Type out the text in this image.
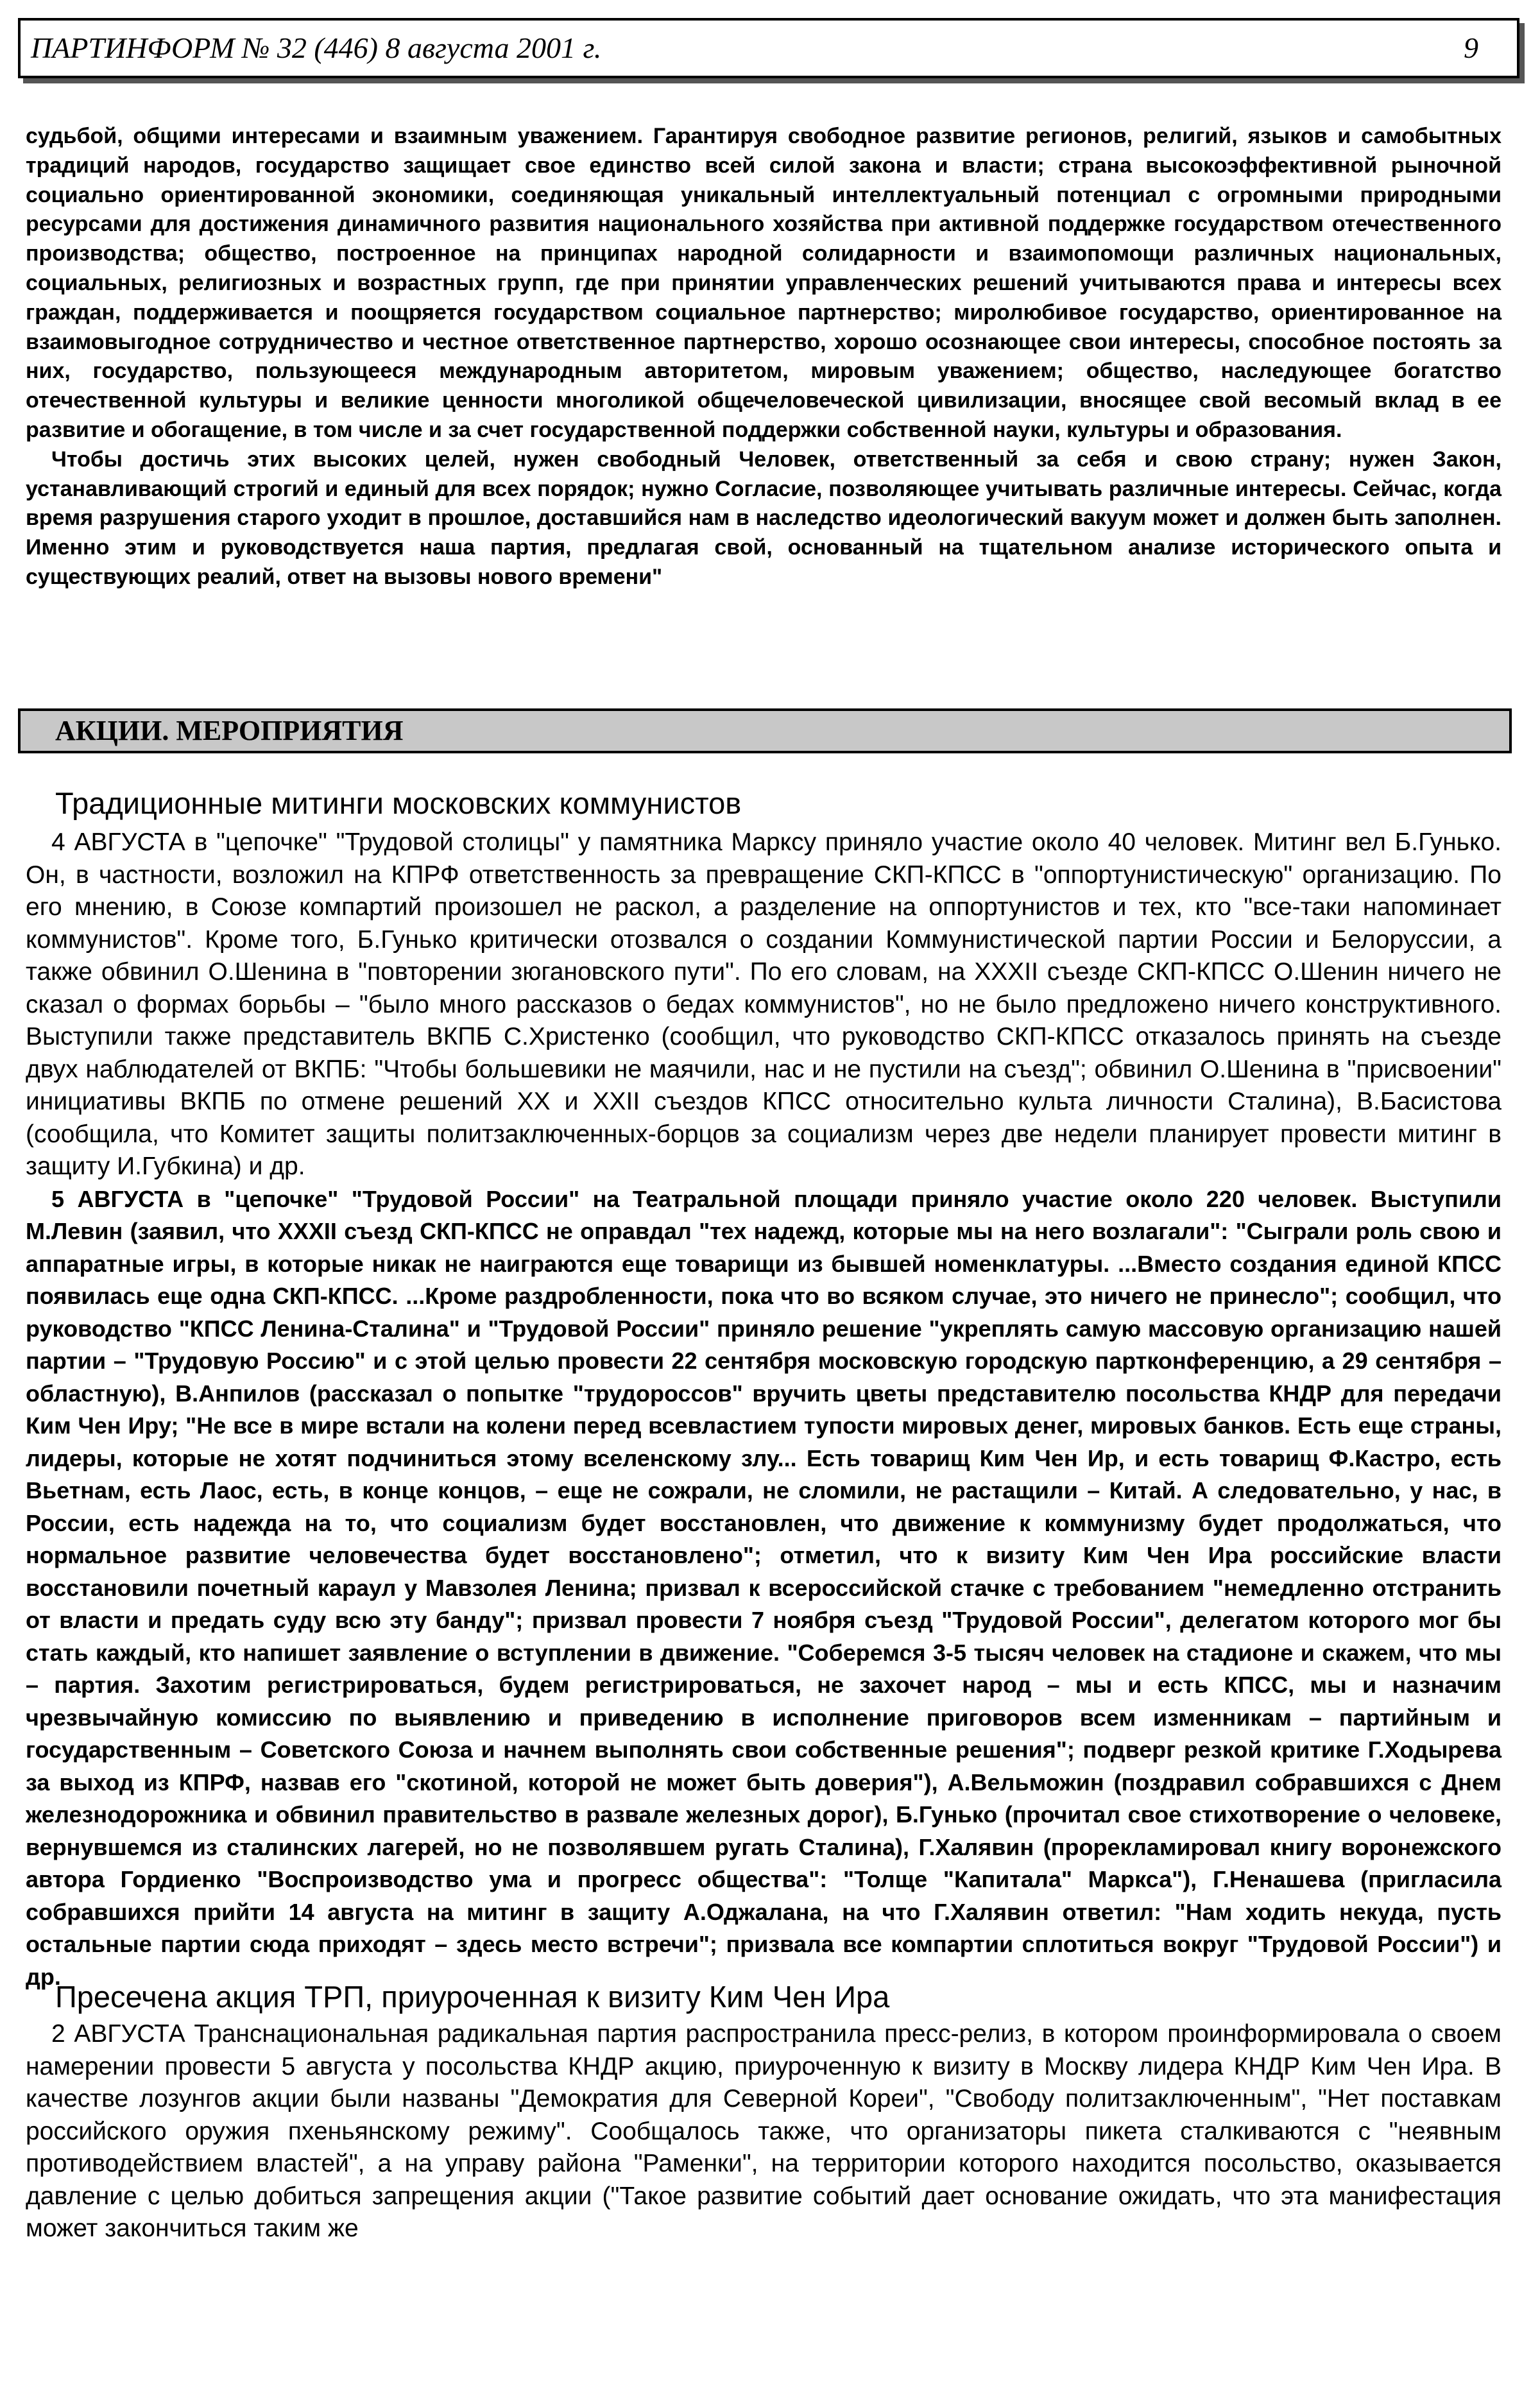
ПАРТИНФОРМ № 32 (446) 8 августа 2001 г.	9

судьбой, общими интересами и взаимным уважением. Гарантируя свободное развитие регионов, религий, языков и самобытных традиций народов, государство защищает свое единство всей силой закона и власти; страна высокоэффективной рыночной социально ориентированной экономики, соединяющая уникальный интеллектуальный потенциал с огромными природными ресурсами для достижения динамичного развития национального хозяйства при активной поддержке государством отечественного производства; общество, построенное на принципах народной солидарности и взаимопомощи различных национальных, социальных, религиозных и возрастных групп, где при принятии управленческих решений учитываются права и интересы всех граждан, поддерживается и поощряется государством социальное партнерство; миролюбивое государство, ориентированное на взаимовыгодное сотрудничество и честное ответственное партнерство, хорошо осознающее свои интересы, способное постоять за них, государство, пользующееся международным авторитетом, мировым уважением; общество, наследующее богатство отечественной культуры и великие ценности многоликой общечеловеческой цивилизации, вносящее свой весомый вклад в ее развитие и обогащение, в том числе и за счет государственной поддержки собственной науки, культуры и образования.

Чтобы достичь этих высоких целей, нужен свободный Человек, ответственный за себя и свою страну; нужен Закон, устанавливающий строгий и единый для всех порядок; нужно Согласие, позволяющее учитывать различные интересы. Сейчас, когда время разрушения старого уходит в прошлое, доставшийся нам в наследство идеологический вакуум может и должен быть заполнен. Именно этим и руководствуется наша партия, предлагая свой, основанный на тщательном анализе исторического опыта и существующих реалий, ответ на вызовы нового времени"

АКЦИИ. МЕРОПРИЯТИЯ
Традиционные митинги московских коммунистов

4 АВГУСТА в "цепочке" "Трудовой столицы" у памятника Марксу приняло участие около 40 человек. Митинг вел Б.Гунько. Он, в частности, возложил на КПРФ ответственность за превращение СКП-КПСС в "оппортунистическую" организацию. По его мнению, в Союзе компартий произошел не раскол, а разделение на оппортунистов и тех, кто "все-таки напоминает коммунистов". Кроме того, Б.Гунько критически отозвался о создании Коммунистической партии России и Белоруссии, а также обвинил О.Шенина в "повторении зюгановского пути". По его словам, на XXXII съезде СКП-КПСС О.Шенин ничего не сказал о формах борьбы – "было много рассказов о бедах коммунистов", но не было предложено ничего конструктивного. Выступили также представитель ВКПБ С.Христенко (сообщил, что руководство СКП-КПСС отказалось принять на съезде двух наблюдателей от ВКПБ: "Чтобы большевики не маячили, нас и не пустили на съезд"; обвинил О.Шенина в "присвоении" инициативы ВКПБ по отмене решений ХХ и ХХII съездов КПСС относительно культа личности Сталина), В.Басистова (сообщила, что Комитет защиты политзаключенных-борцов за социализм через две недели планирует провести митинг в защиту И.Губкина) и др.

5 АВГУСТА в "цепочке" "Трудовой России" на Театральной площади приняло участие около 220 человек. Выступили М.Левин (заявил, что XXXII съезд СКП-КПСС не оправдал "тех надежд, которые мы на него возлагали": "Сыграли роль свою и аппаратные игры, в которые никак не наиграются еще товарищи из бывшей номенклатуры. ...Вместо создания единой КПСС появилась еще одна СКП-КПСС. ...Кроме раздробленности, пока что во всяком случае, это ничего не принесло"; сообщил, что руководство "КПСС Ленина-Сталина" и "Трудовой России" приняло решение "укреплять самую массовую организацию нашей партии – "Трудовую Россию" и с этой целью провести 22 сентября московскую городскую партконференцию, а 29 сентября – областную), В.Анпилов (рассказал о попытке "трудороссов" вручить цветы представителю посольства КНДР для передачи Ким Чен Иру; "Не все в мире встали на колени перед всевластием тупости мировых денег, мировых банков. Есть еще страны, лидеры, которые не хотят подчиниться этому вселенскому злу... Есть товарищ Ким Чен Ир, и есть товарищ Ф.Кастро, есть Вьетнам, есть Лаос, есть, в конце концов, – еще не сожрали, не сломили, не растащили – Китай. А следовательно, у нас, в России, есть надежда на то, что социализм будет восстановлен, что движение к коммунизму будет продолжаться, что нормальное развитие человечества будет восстановлено"; отметил, что к визиту Ким Чен Ира российские власти восстановили почетный караул у Мавзолея Ленина; призвал к всероссийской стачке с требованием "немедленно отстранить от власти и предать суду всю эту банду"; призвал провести 7 ноября съезд "Трудовой России", делегатом которого мог бы стать каждый, кто напишет заявление о вступлении в движение. "Соберемся 3-5 тысяч человек на стадионе и скажем, что мы – партия. Захотим регистрироваться, будем регистрироваться, не захочет народ – мы и есть КПСС, мы и назначим чрезвычайную комиссию по выявлению и приведению в исполнение приговоров всем изменникам – партийным и государственным – Советского Союза и начнем выполнять свои собственные решения"; подверг резкой критике Г.Ходырева за выход из КПРФ, назвав его "скотиной, которой не может быть доверия"), А.Вельможин (поздравил собравшихся с Днем железнодорожника и обвинил правительство в развале железных дорог), Б.Гунько (прочитал свое стихотворение о человеке, вернувшемся из сталинских лагерей, но не позволявшем ругать Сталина), Г.Халявин (прорекламировал книгу воронежского автора Гордиенко "Воспроизводство ума и прогресс общества": "Толще "Капитала" Маркса"), Г.Ненашева (пригласила собравшихся прийти 14 августа на митинг в защиту А.Оджалана, на что Г.Халявин ответил: "Нам ходить некуда, пусть остальные партии сюда приходят – здесь место встречи"; призвала все компартии сплотиться вокруг "Трудовой России") и др.

Пресечена акция ТРП, приуроченная к визиту Ким Чен Ира

2 АВГУСТА Транснациональная радикальная партия распространила пресс-релиз, в котором проинформировала о своем намерении провести 5 августа у посольства КНДР акцию, приуроченную к визиту в Москву лидера КНДР Ким Чен Ира. В качестве лозунгов акции были названы "Демократия для Северной Кореи", "Свободу политзаключенным", "Нет поставкам российского оружия пхеньянскому режиму". Сообщалось также, что организаторы пикета сталкиваются с "неявным противодействием властей", а на управу района "Раменки", на территории которого находится посольство, оказывается давление с целью добиться запрещения акции ("Такое развитие событий дает основание ожидать, что эта манифестация может закончиться таким же
